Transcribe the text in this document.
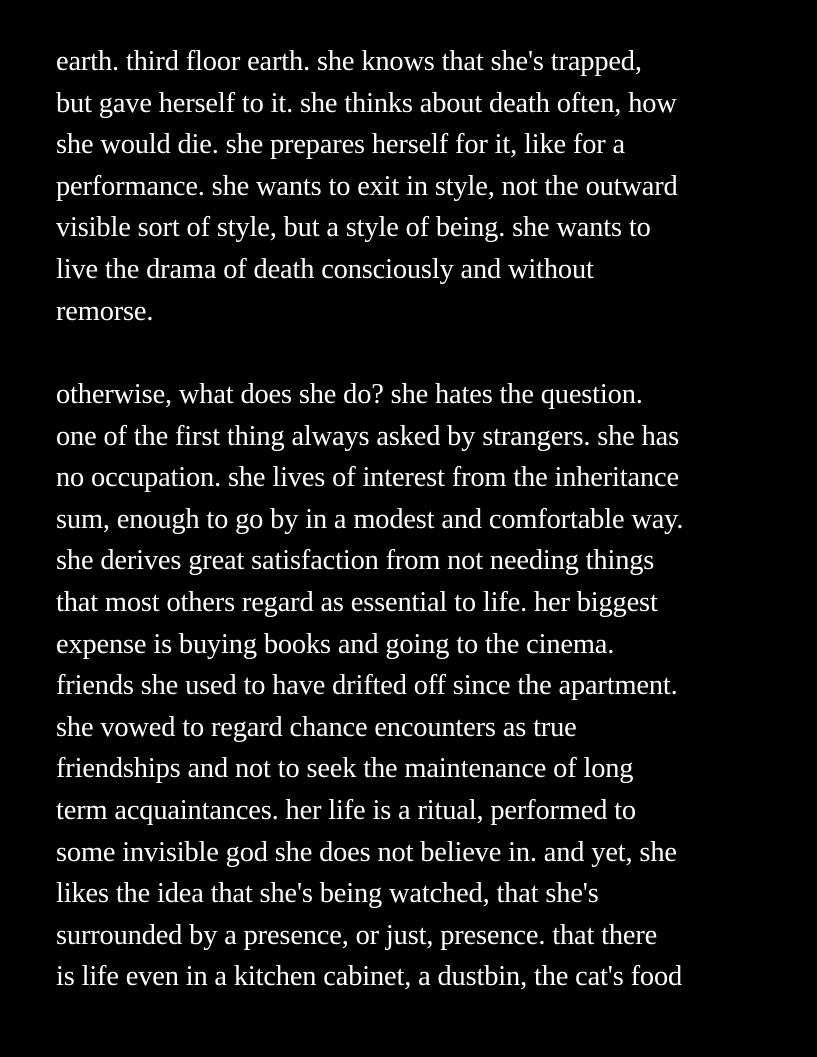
earth. third floor earth. she knows that she's trapped,
but gave herself to it. she thinks about death often, how
she would die. she prepares herself for it, like for a
performance. she wants to exit in style, not the outward
visible sort of style, but a style of being. she wants to
live the drama of death consciously and without
remorse.
otherwise, what does she do? she hates the question.
one of the first thing always asked by strangers. she has
no occupation. she lives of interest from the inheritance
sum, enough to go by in a modest and comfortable way.
she derives great satisfaction from not needing things
that most others regard as essential to life. her biggest
expense is buying books and going to the cinema.
friends she used to have drifted off since the apartment.
she vowed to regard chance encounters as true
friendships and not to seek the maintenance of long
term acquaintances. her life is a ritual, performed to
some invisible god she does not believe in. and yet, she
likes the idea that she's being watched, that she's
surrounded by a presence, or just, presence. that there
is life even in a kitchen cabinet, a dustbin, the cat's food
